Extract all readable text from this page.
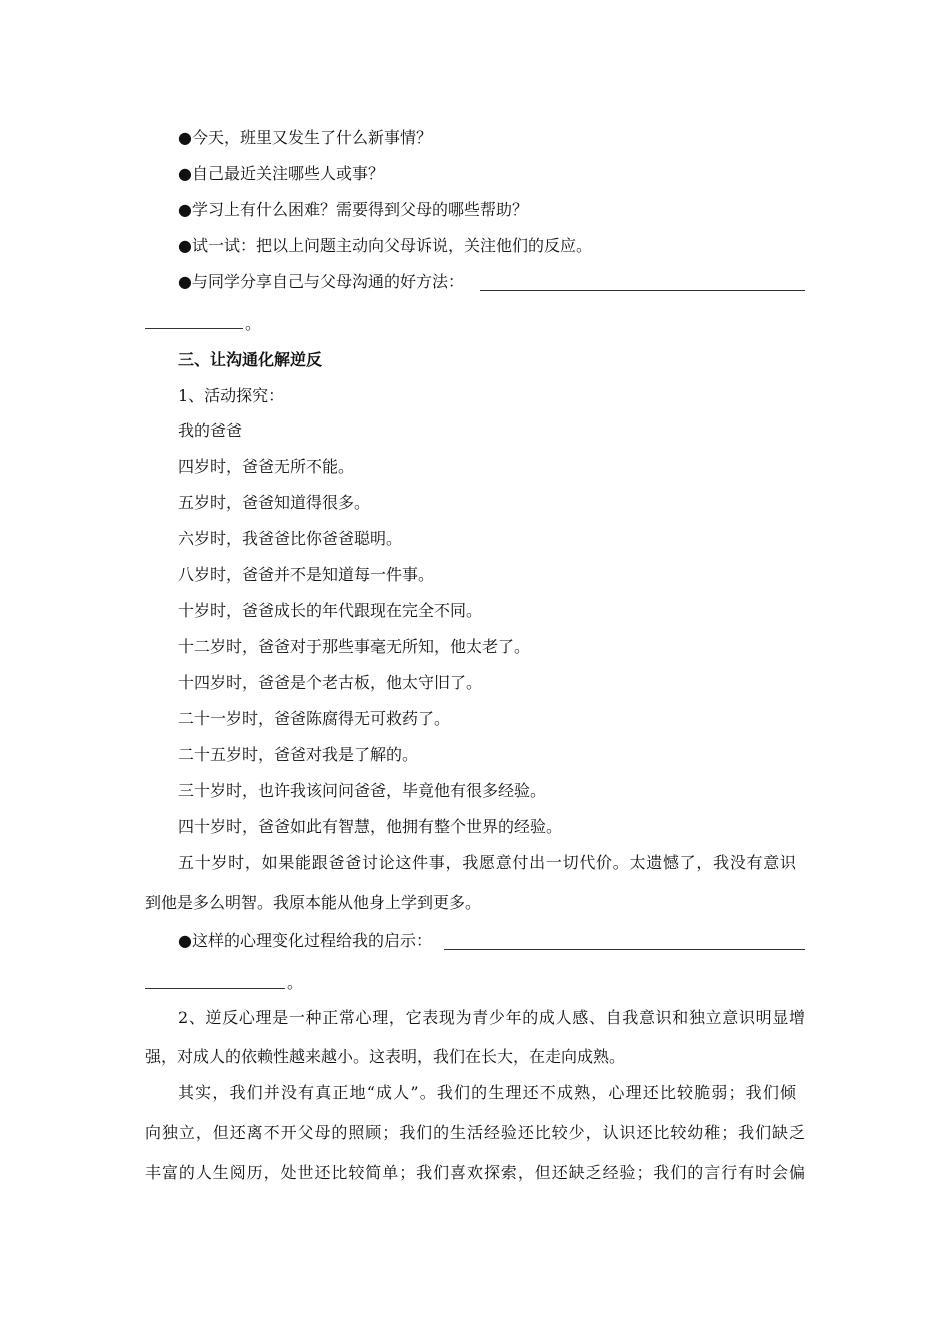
●今天，班里又发生了什么新事情？
●自己最近关注哪些人或事？
●学习上有什么困难？需要得到父母的哪些帮助？
●试一试：把以上问题主动向父母诉说，关注他们的反应。
●与同学分享自己与父母沟通的好方法：
。
三、让沟通化解逆反
1、活动探究：
我的爸爸
四岁时，爸爸无所不能。
五岁时，爸爸知道得很多。
六岁时，我爸爸比你爸爸聪明。
八岁时，爸爸并不是知道每一件事。
十岁时，爸爸成长的年代跟现在完全不同。
十二岁时，爸爸对于那些事毫无所知，他太老了。
十四岁时，爸爸是个老古板，他太守旧了。
二十一岁时，爸爸陈腐得无可救药了。
二十五岁时，爸爸对我是了解的。
三十岁时，也许我该问问爸爸，毕竟他有很多经验。
四十岁时，爸爸如此有智慧，他拥有整个世界的经验。
五十岁时，如果能跟爸爸讨论这件事，我愿意付出一切代价。太遗憾了，我没有意识
到他是多么明智。我原本能从他身上学到更多。
●这样的心理变化过程给我的启示：
。
2、逆反心理是一种正常心理，它表现为青少年的成人感、自我意识和独立意识明显增
强，对成人的依赖性越来越小。这表明，我们在长大，在走向成熟。
其实，我们并没有真正地“成人”。我们的生理还不成熟，心理还比较脆弱；我们倾
向独立，但还离不开父母的照顾；我们的生活经验还比较少，认识还比较幼稚；我们缺乏
丰富的人生阅历，处世还比较简单；我们喜欢探索，但还缺乏经验；我们的言行有时会偏
